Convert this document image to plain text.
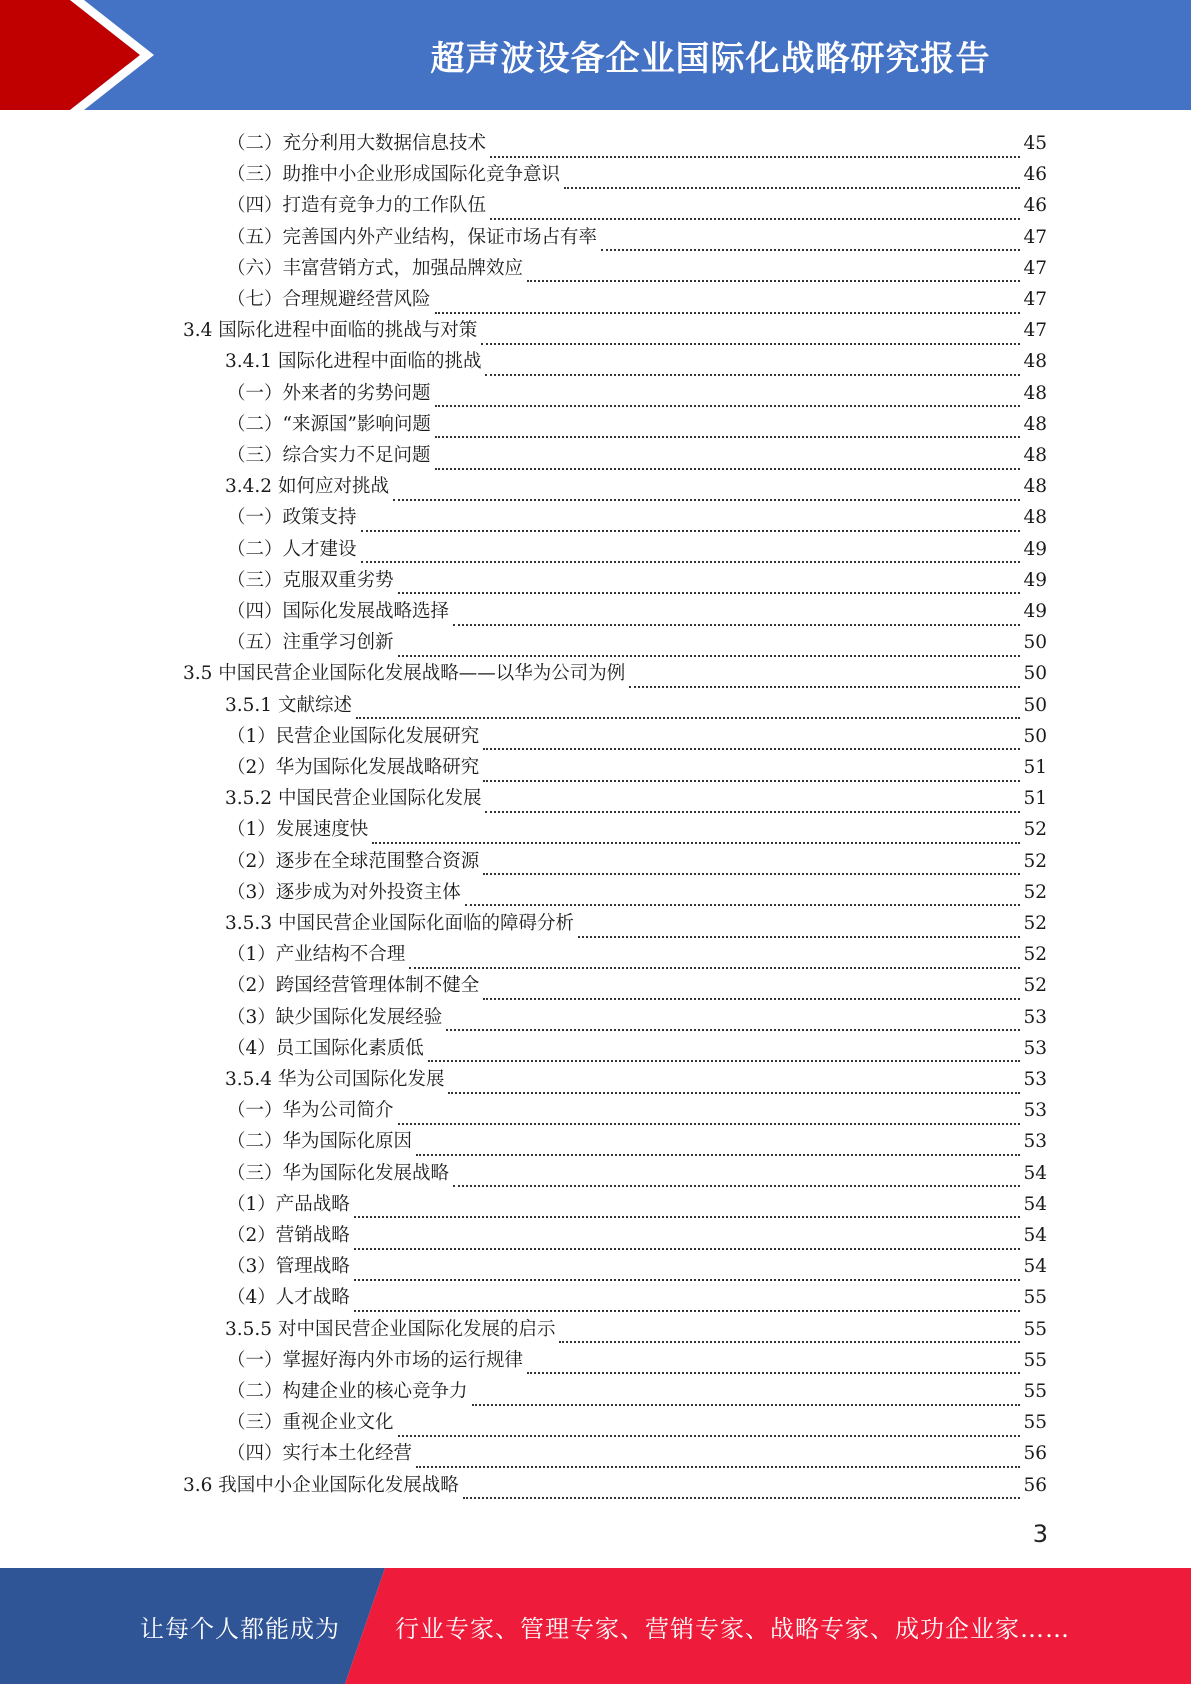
超声波设备企业国际化战略研究报告
（二）充分利用大数据信息技术	45
（三）助推中小企业形成国际化竞争意识	46
（四）打造有竞争力的工作队伍	46
（五）完善国内外产业结构，保证市场占有率	47
（六）丰富营销方式，加强品牌效应	47
（七）合理规避经营风险	47
3.4 国际化进程中面临的挑战与对策	47
3.4.1 国际化进程中面临的挑战	48
（一）外来者的劣势问题	48
（二）“来源国”影响问题	48
（三）综合实力不足问题	48
3.4.2 如何应对挑战	48
（一）政策支持	48
（二）人才建设	49
（三）克服双重劣势	49
（四）国际化发展战略选择	49
（五）注重学习创新	50
3.5 中国民营企业国际化发展战略——以华为公司为例	50
3.5.1 文献综述	50
（1）民营企业国际化发展研究	50
（2）华为国际化发展战略研究	51
3.5.2 中国民营企业国际化发展	51
（1）发展速度快	52
（2）逐步在全球范围整合资源	52
（3）逐步成为对外投资主体	52
3.5.3 中国民营企业国际化面临的障碍分析	52
（1）产业结构不合理	52
（2）跨国经营管理体制不健全	52
（3）缺少国际化发展经验	53
（4）员工国际化素质低	53
3.5.4 华为公司国际化发展	53
（一）华为公司简介	53
（二）华为国际化原因	53
（三）华为国际化发展战略	54
（1）产品战略	54
（2）营销战略	54
（3）管理战略	54
（4）人才战略	55
3.5.5 对中国民营企业国际化发展的启示	55
（一）掌握好海内外市场的运行规律	55
（二）构建企业的核心竞争力	55
（三）重视企业文化	55
（四）实行本土化经营	56
3.6 我国中小企业国际化发展战略	56
3
让每个人都能成为 行业专家、管理专家、营销专家、战略专家、成功企业家……
